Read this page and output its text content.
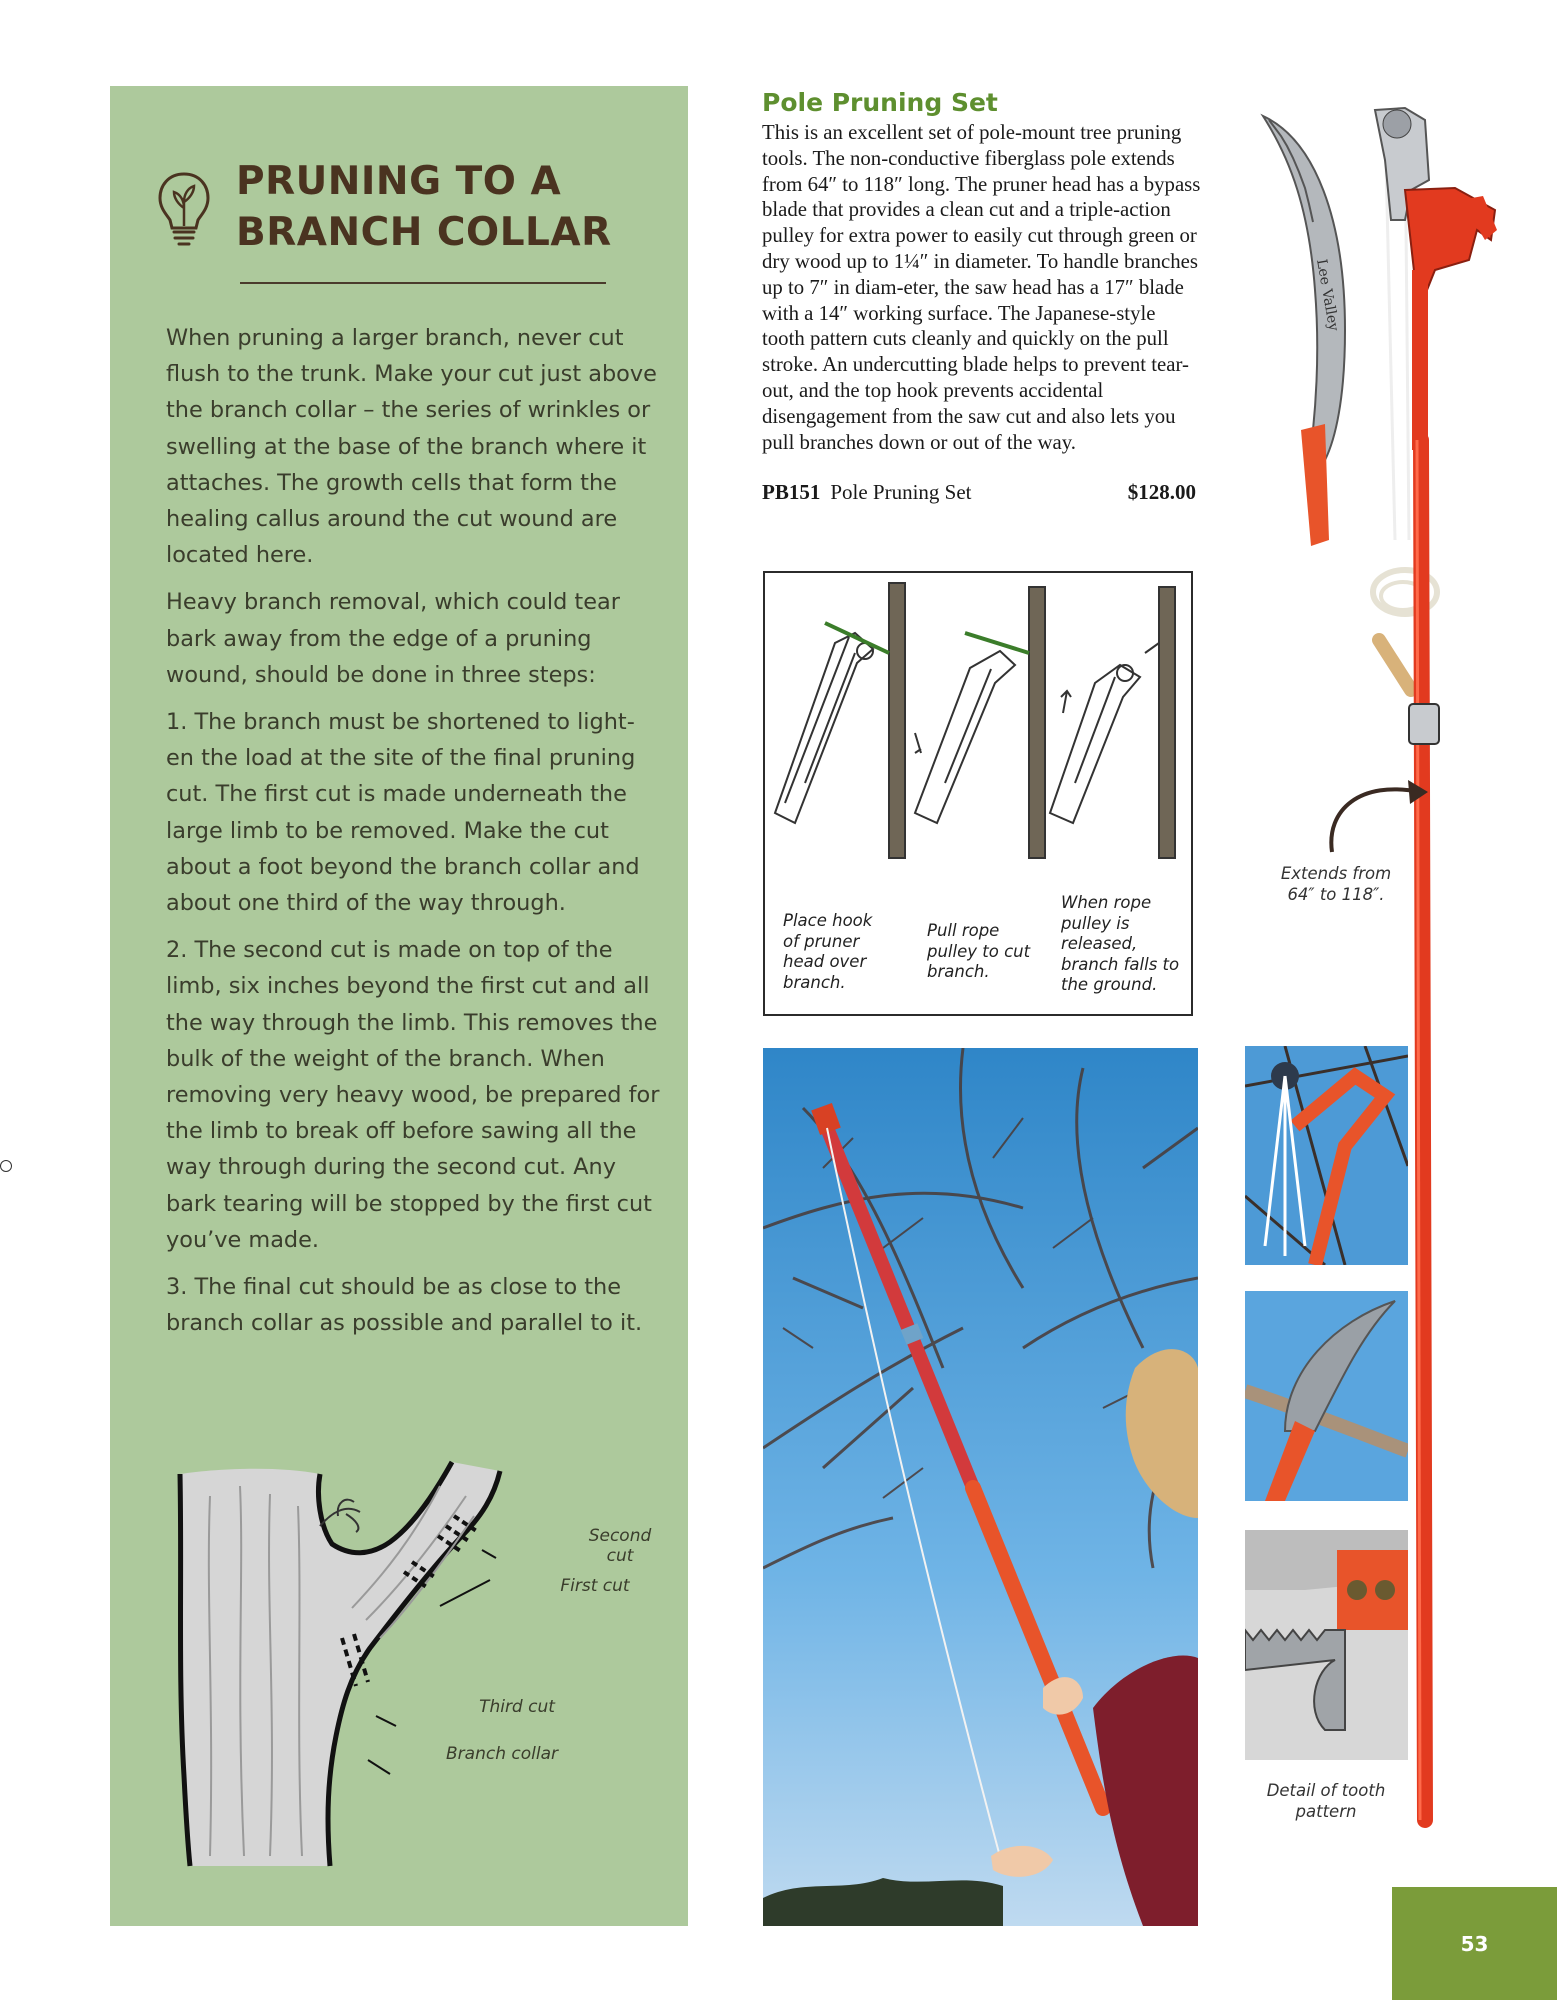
PRUNING TO A BRANCH COLLAR

When pruning a larger branch, never cut flush to the trunk. Make your cut just above the branch collar – the series of wrinkles or swelling at the base of the branch where it attaches. The growth cells that form the healing callus around the cut wound are located here.

Heavy branch removal, which could tear bark away from the edge of a pruning wound, should be done in three steps:

1. The branch must be shortened to light-en the load at the site of the final pruning cut. The first cut is made underneath the large limb to be removed. Make the cut about a foot beyond the branch collar and about one third of the way through.

2. The second cut is made on top of the limb, six inches beyond the first cut and all the way through the limb. This removes the bulk of the weight of the branch. When removing very heavy wood, be prepared for the limb to break off before sawing all the way through during the second cut. Any bark tearing will be stopped by the first cut you’ve made.

3. The final cut should be as close to the branch collar as possible and parallel to it.

Second cut
First cut
Third cut
Branch collar
Pole Pruning Set

This is an excellent set of pole-mount tree pruning tools. The non-conductive fiberglass pole extends from 64″ to 118″ long. The pruner head has a bypass blade that provides a clean cut and a triple-action pulley for extra power to easily cut through green or dry wood up to 1¼″ in diameter. To handle branches up to 7″ in diam-eter, the saw head has a 17″ blade with a 14″ working surface. The Japanese-style tooth pattern cuts cleanly and quickly on the pull stroke. An undercutting blade helps to prevent tear-out, and the top hook prevents accidental disengagement from the saw cut and also lets you pull branches down or out of the way.

PB151 Pole Pruning Set	$128.00
Place hook of pruner head over branch.
Pull rope pulley to cut branch.
When rope pulley is released, branch falls to the ground.
Detail of tooth pattern
Lee Valley
Extends from 64″ to 118″.
53
